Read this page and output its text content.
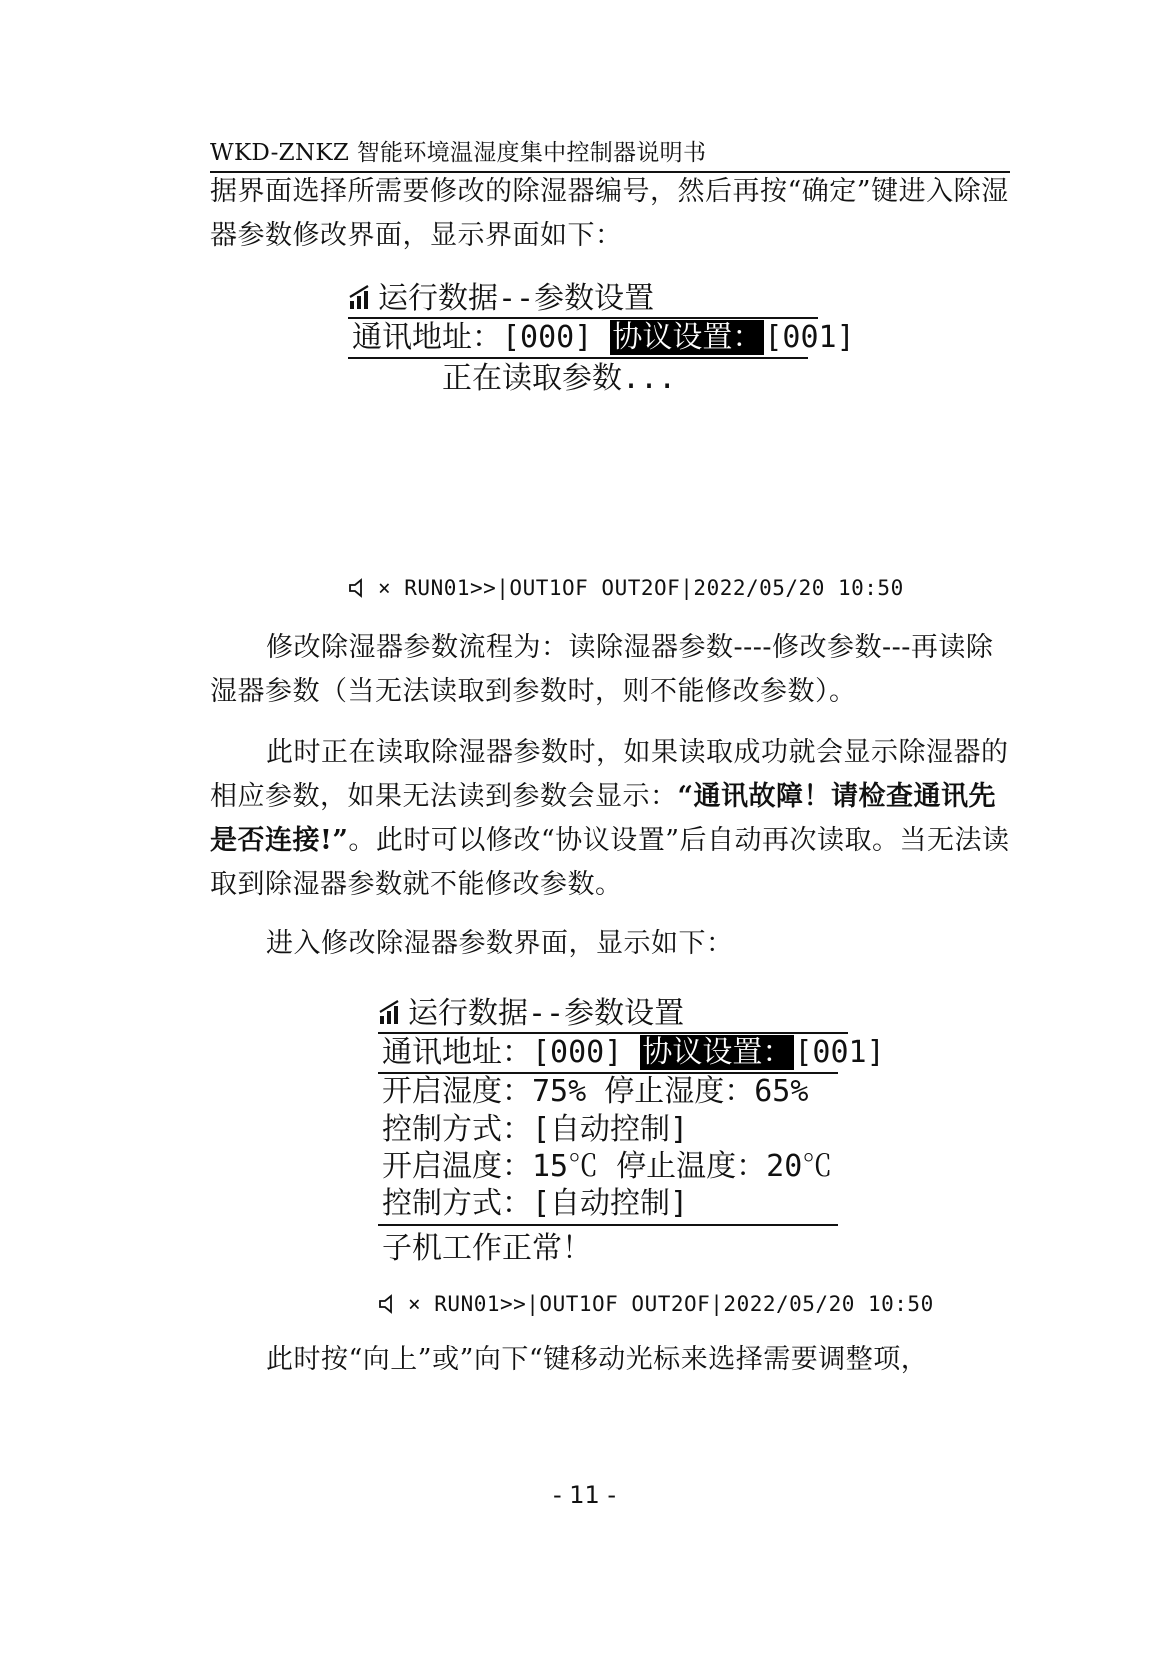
WKD-ZNKZ 智能环境温湿度集中控制器说明书

据界面选择所需要修改的除湿器编号，然后再按“确定”键进入除湿器参数修改界面，显示界面如下：

运行数据--参数设置
通讯地址：[000] 协议设置：[001]
正在读取参数...
× RUN01>>|OUT1OF OUT2OF|2022/05/20 10:50

修改除湿器参数流程为：读除湿器参数----修改参数---再读除湿器参数（当无法读取到参数时，则不能修改参数）。

此时正在读取除湿器参数时，如果读取成功就会显示除湿器的相应参数，如果无法读到参数会显示：“通讯故障！请检查通讯先是否连接!”。此时可以修改“协议设置”后自动再次读取。当无法读取到除湿器参数就不能修改参数。

进入修改除湿器参数界面，显示如下：

运行数据--参数设置
通讯地址：[000] 协议设置：[001]
开启湿度：75% 停止湿度：65%
控制方式：[自动控制]
开启温度：15℃ 停止温度：20℃
控制方式：[自动控制]
子机工作正常！
× RUN01>>|OUT1OF OUT2OF|2022/05/20 10:50

此时按“向上”或”向下“键移动光标来选择需要调整项，

- 11 -
